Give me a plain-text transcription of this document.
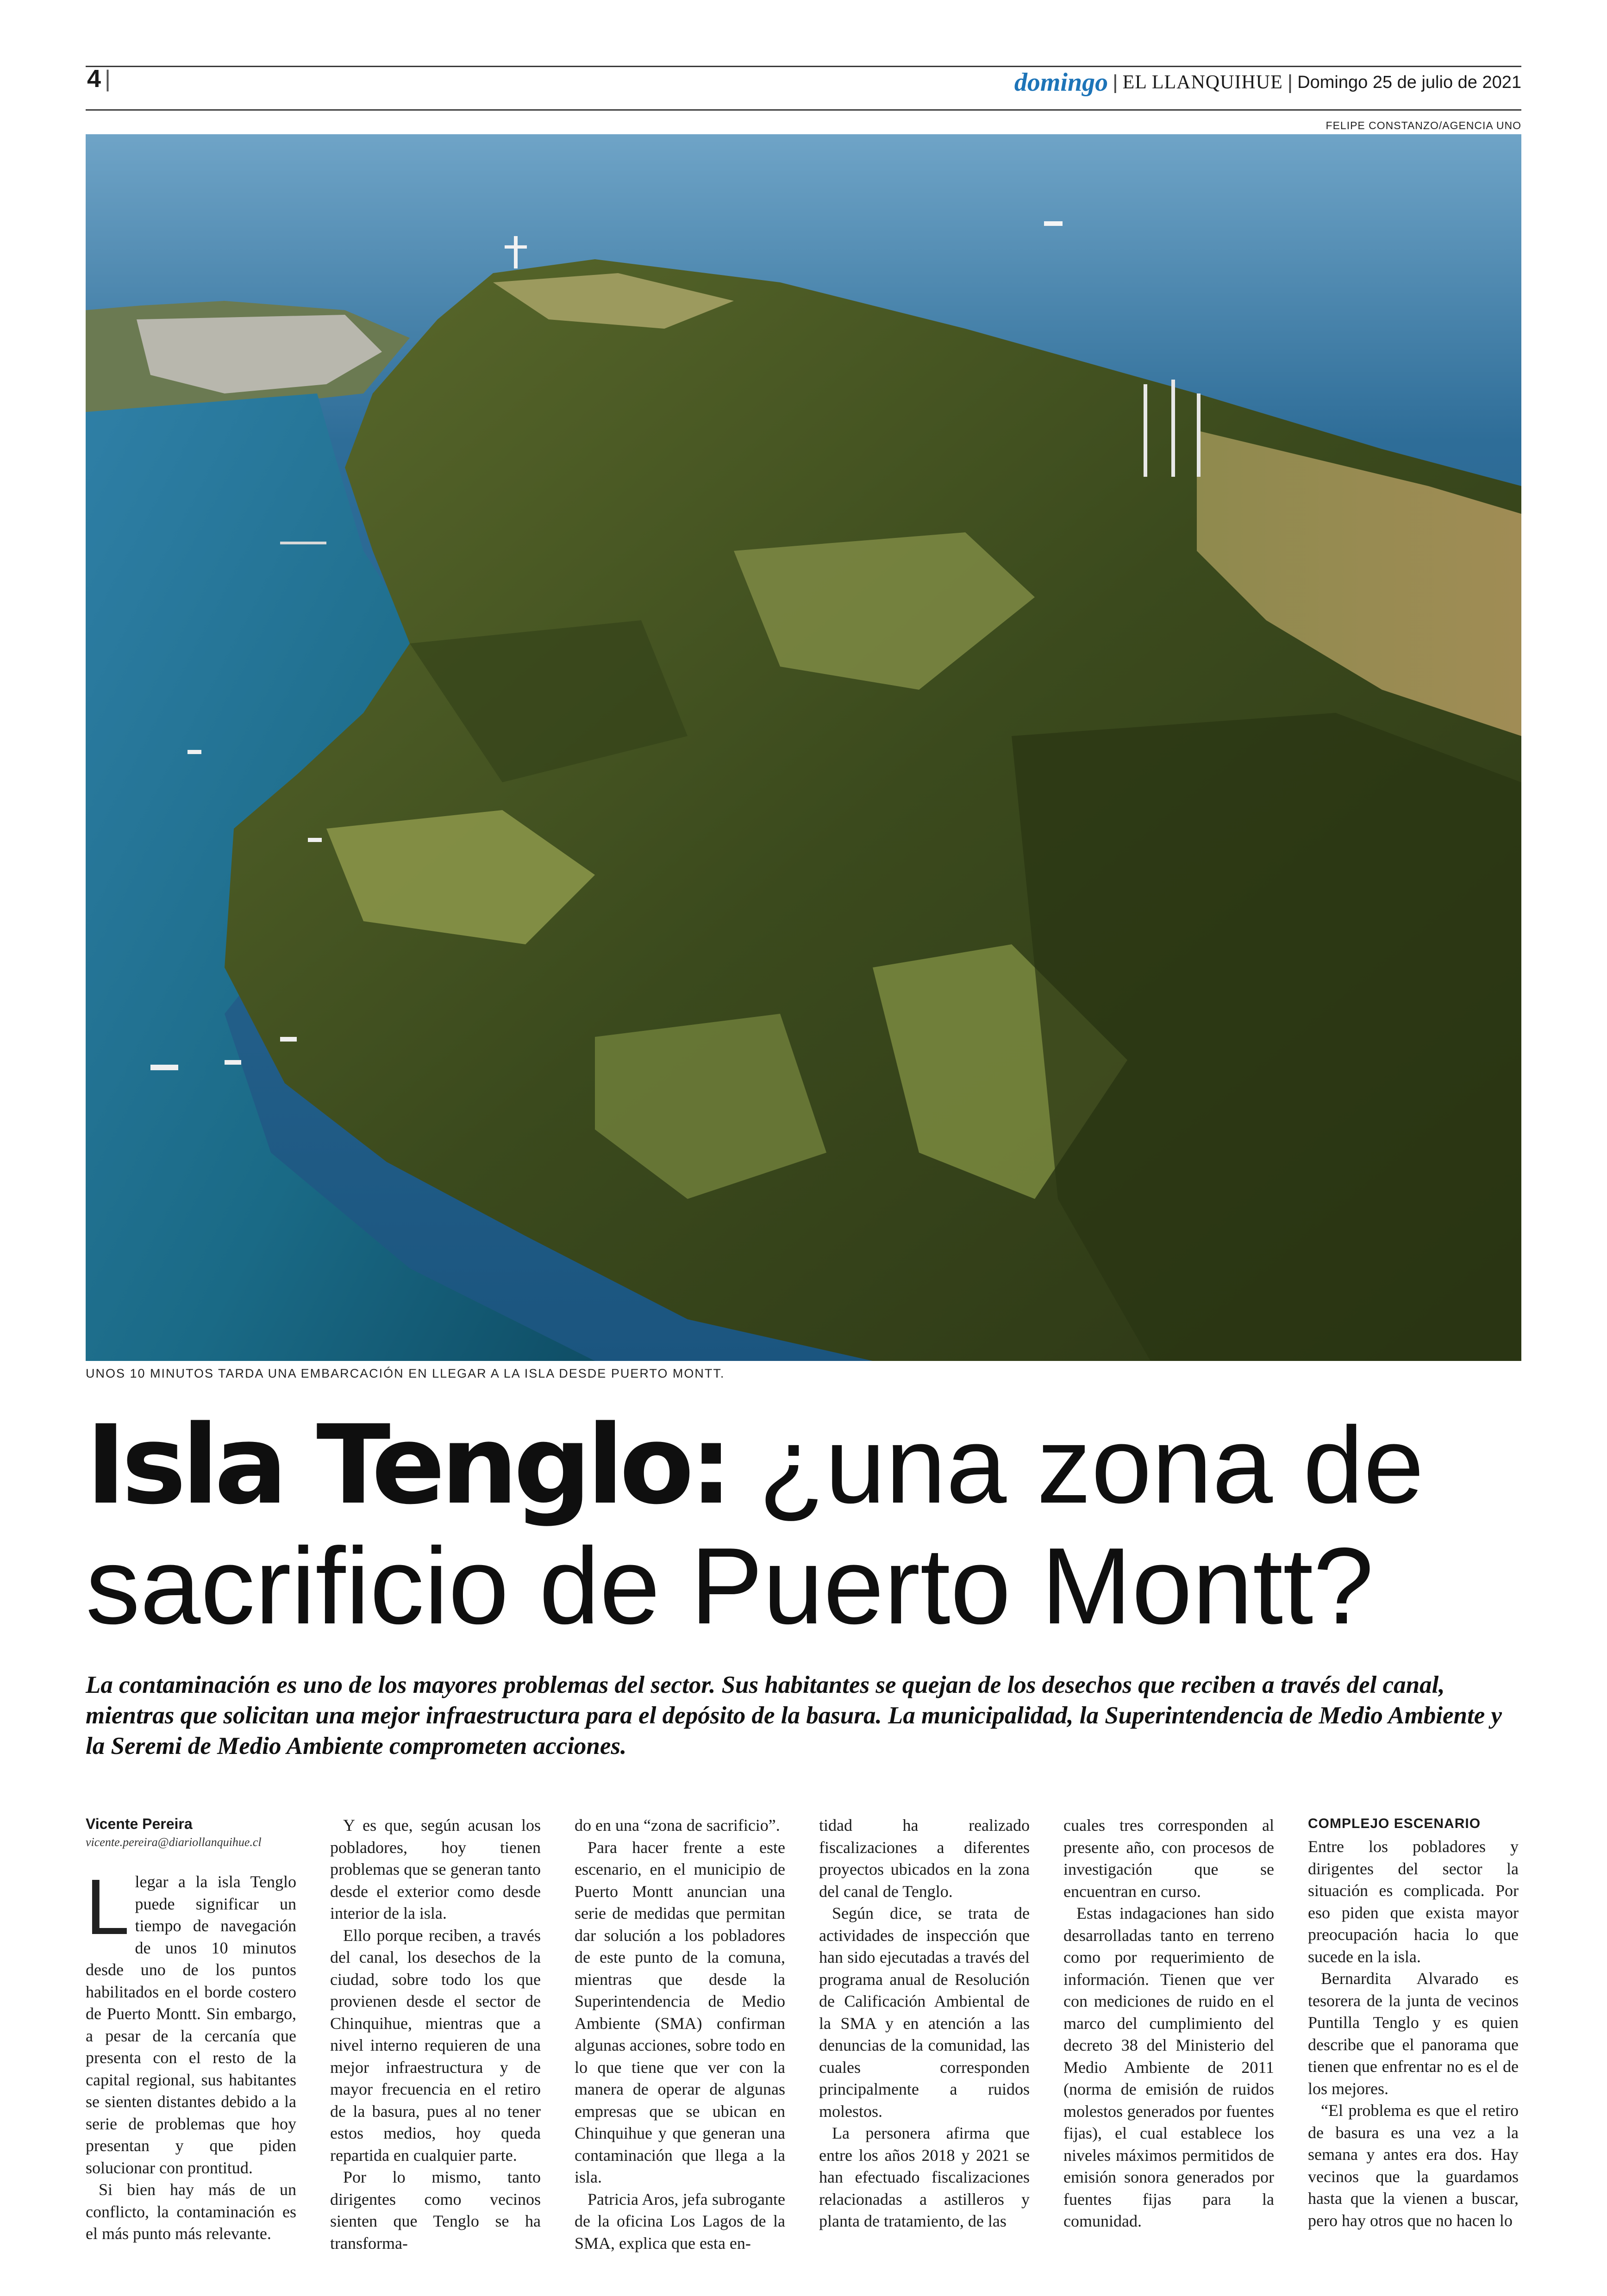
4 |	domingo | EL LLANQUIHUE | Domingo 25 de julio de 2021
FELIPE CONSTANZO/AGENCIA UNO
UNOS 10 MINUTOS TARDA UNA EMBARCACIÓN EN LLEGAR A LA ISLA DESDE PUERTO MONTT.
Isla Tenglo: ¿una zona de sacrificio de Puerto Montt?

La contaminación es uno de los mayores problemas del sector. Sus habitantes se quejan de los desechos que reciben a través del canal, mientras que solicitan una mejor infraestructura para el depósito de la basura. La municipalidad, la Superintendencia de Medio Ambiente y la Seremi de Medio Ambiente comprometen acciones.

Vicente Pereira

vicente.pereira@diariollanquihue.cl

Llegar a la isla Tenglo puede significar un tiempo de navegación de unos 10 minutos desde uno de los puntos habilitados en el borde costero de Puerto Montt. Sin embargo, a pesar de la cercanía que presenta con el resto de la capital regional, sus habitantes se sienten distantes debido a la serie de problemas que hoy presentan y que piden solucionar con prontitud.

Si bien hay más de un conflicto, la contaminación es el más punto más relevante.

Y es que, según acusan los pobladores, hoy tienen problemas que se generan tanto desde el exterior como desde interior de la isla.

Ello porque reciben, a través del canal, los desechos de la ciudad, sobre todo los que provienen desde el sector de Chinquihue, mientras que a nivel interno requieren de una mejor infraestructura y de mayor frecuencia en el retiro de la basura, pues al no tener estos medios, hoy queda repartida en cualquier parte.

Por lo mismo, tanto dirigentes como vecinos sienten que Tenglo se ha transforma-

do en una “zona de sacrificio”.

Para hacer frente a este escenario, en el municipio de Puerto Montt anuncian una serie de medidas que permitan dar solución a los pobladores de este punto de la comuna, mientras que desde la Superintendencia de Medio Ambiente (SMA) confirman algunas acciones, sobre todo en lo que tiene que ver con la manera de operar de algunas empresas que se ubican en Chinquihue y que generan una contaminación que llega a la isla.

Patricia Aros, jefa subrogante de la oficina Los Lagos de la SMA, explica que esta en-

tidad ha realizado fiscalizaciones a diferentes proyectos ubicados en la zona del canal de Tenglo.

Según dice, se trata de actividades de inspección que han sido ejecutadas a través del programa anual de Resolución de Calificación Ambiental de la SMA y en atención a las denuncias de la comunidad, las cuales corresponden principalmente a ruidos molestos.

La personera afirma que entre los años 2018 y 2021 se han efectuado fiscalizaciones relacionadas a astilleros y planta de tratamiento, de las

cuales tres corresponden al presente año, con procesos de investigación que se encuentran en curso.

Estas indagaciones han sido desarrolladas tanto en terreno como por requerimiento de información. Tienen que ver con mediciones de ruido en el marco del cumplimiento del decreto 38 del Ministerio del Medio Ambiente de 2011 (norma de emisión de ruidos molestos generados por fuentes fijas), el cual establece los niveles máximos permitidos de emisión sonora generados por fuentes fijas para la comunidad.

COMPLEJO ESCENARIO

Entre los pobladores y dirigentes del sector la situación es complicada. Por eso piden que exista mayor preocupación hacia lo que sucede en la isla.

Bernardita Alvarado es tesorera de la junta de vecinos Puntilla Tenglo y es quien describe que el panorama que tienen que enfrentar no es el de los mejores.

“El problema es que el retiro de basura es una vez a la semana y antes era dos. Hay vecinos que la guardamos hasta que la vienen a buscar, pero hay otros que no hacen lo
